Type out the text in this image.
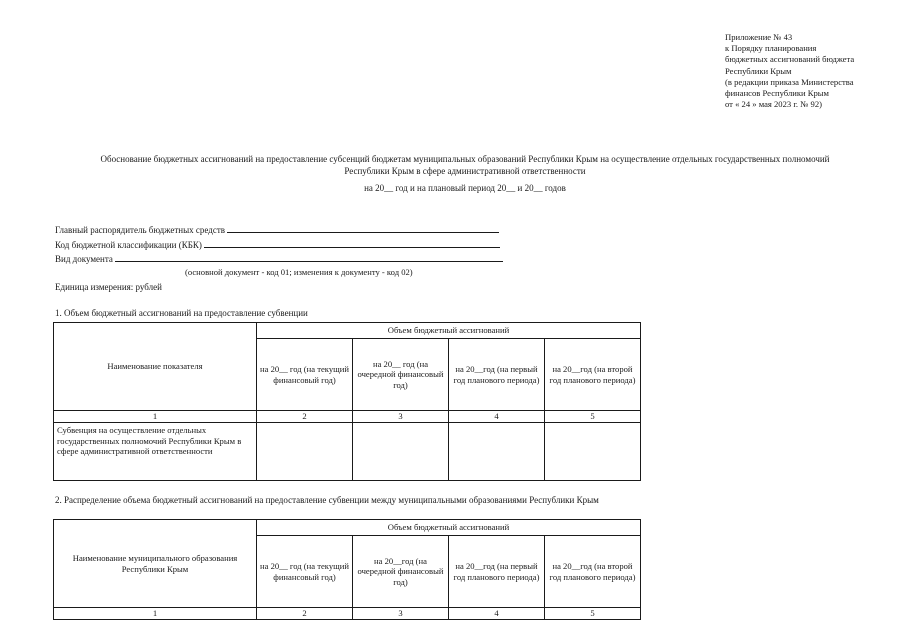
Приложение № 43
к Порядку планирования
бюджетных ассигнований бюджета
Республики Крым
(в редакции приказа Министерства
финансов Республики Крым
от « 24 » мая 2023 г. № 92)
Обоснование бюджетных ассигнований на предоставление субсенций бюджетам муниципальных образований Республики Крым на осуществление отдельных государственных полномочий
Республики Крым в сфере административной ответственности
на 20__ год и на плановый период 20__ и 20__ годов
Главный распорядитель бюджетных средств
Код бюджетной классификации (КБК)
Вид документа
(основной документ - код 01; изменения к документу - код 02)
Единица измерения: рублей
1. Объем бюджетный ассигнований на предоставление субвенции
Наименование показателя	Объем бюджетный ассигнований			
	на 20__ год (на текущий финансовый год)	на 20__ год (на очередной финансовый год)	на 20__год (на первый год планового периода)	на 20__год (на второй год планового периода)
1	2	3	4	5
Субвенция на осуществление отдельных государственных полномочий Республики Крым в сфере административной ответственности				
2. Распределение объема бюджетный ассигнований на предоставление субвенции между муниципальными образованиями Республики Крым
Наименование муниципального образования Республики Крым	Объем бюджетный ассигнований			
	на 20__ год (на текущий финансовый год)	на 20__год (на очередной финансовый год)	на 20__год (на первый год планового периода)	на 20__год (на второй год планового периода)
1	2	3	4	5
